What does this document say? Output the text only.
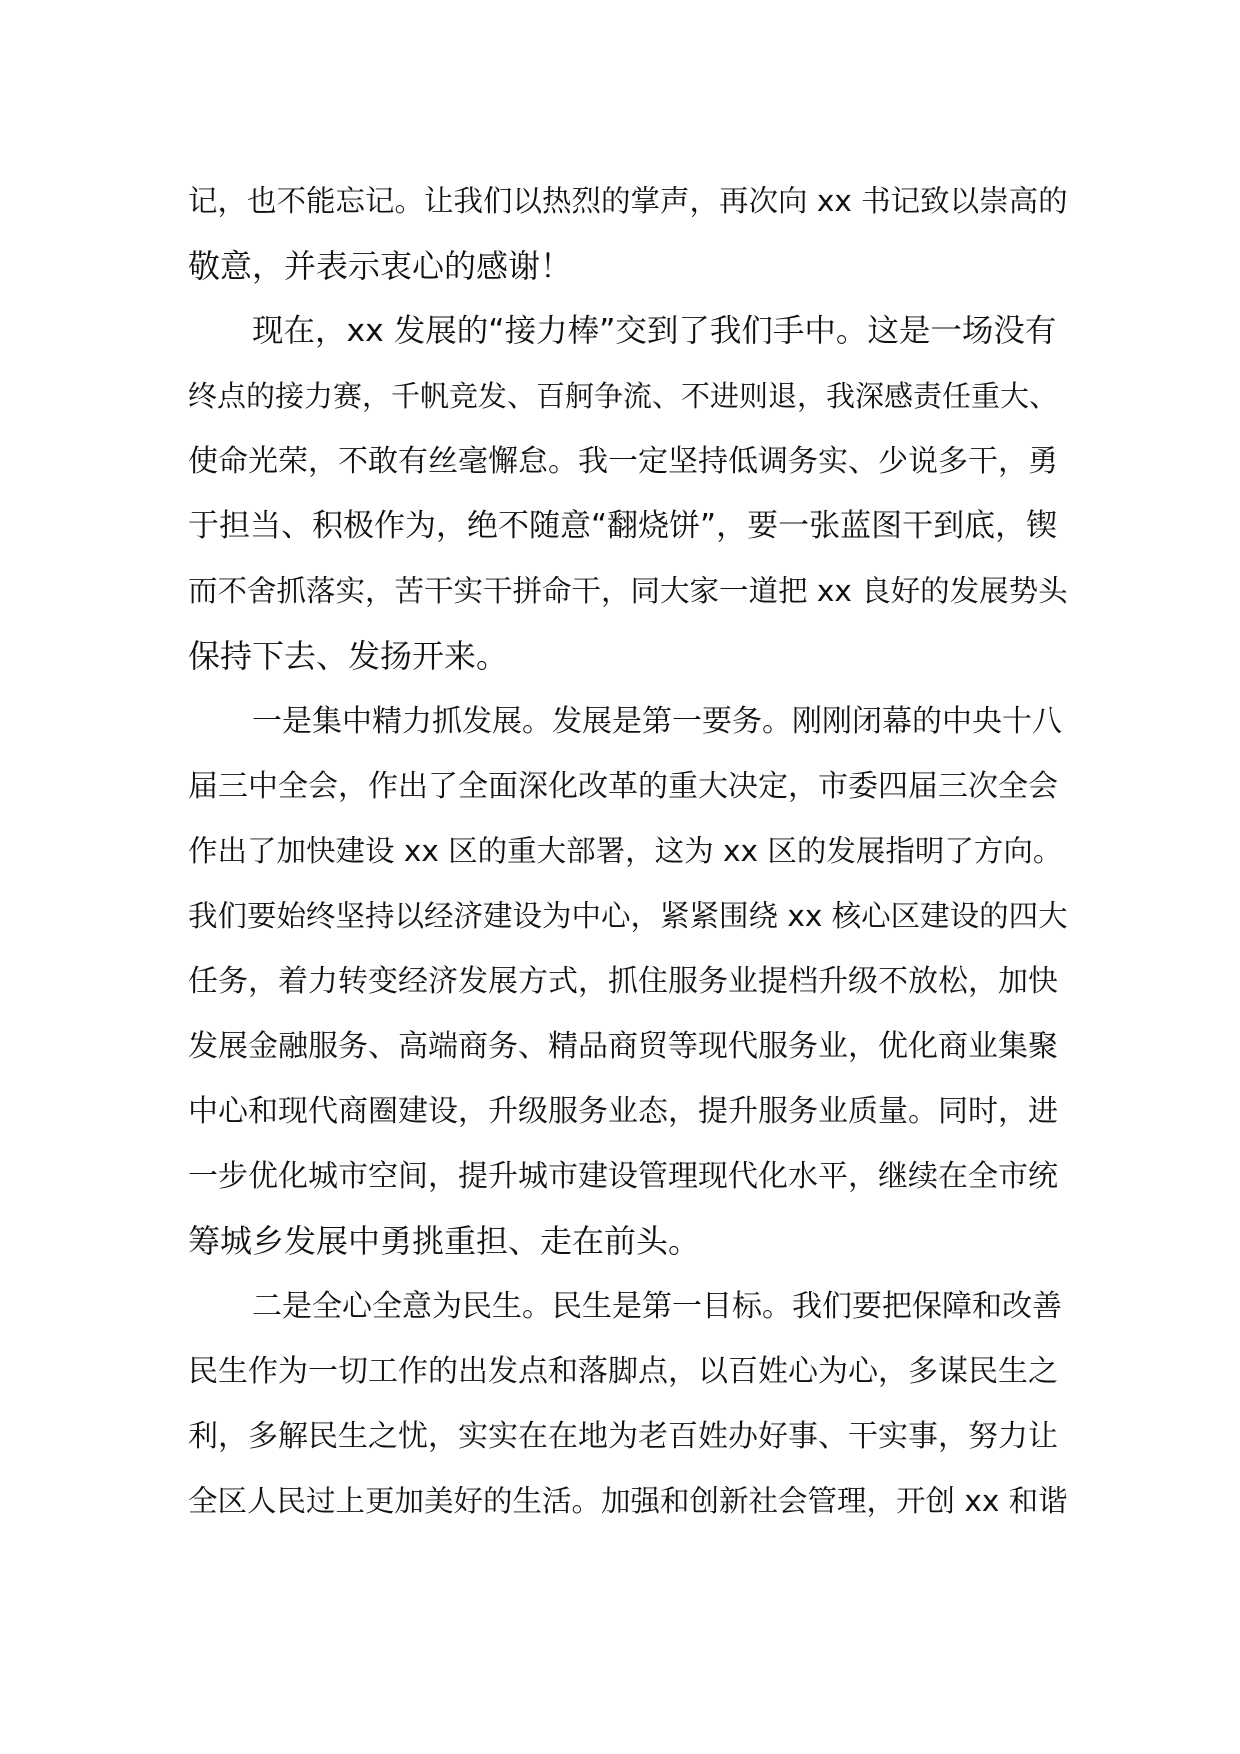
记，也不能忘记。让我们以热烈的掌声，再次向 xx 书记致以崇高的
敬意，并表示衷心的感谢！
现在，xx 发展的“接力棒”交到了我们手中。这是一场没有
终点的接力赛，千帆竞发、百舸争流、不进则退，我深感责任重大、
使命光荣，不敢有丝毫懈怠。我一定坚持低调务实、少说多干，勇
于担当、积极作为，绝不随意“翻烧饼”，要一张蓝图干到底，锲
而不舍抓落实，苦干实干拼命干，同大家一道把 xx 良好的发展势头
保持下去、发扬开来。
一是集中精力抓发展。发展是第一要务。刚刚闭幕的中央十八
届三中全会，作出了全面深化改革的重大决定，市委四届三次全会
作出了加快建设 xx 区的重大部署，这为 xx 区的发展指明了方向。
我们要始终坚持以经济建设为中心，紧紧围绕 xx 核心区建设的四大
任务，着力转变经济发展方式，抓住服务业提档升级不放松，加快
发展金融服务、高端商务、精品商贸等现代服务业，优化商业集聚
中心和现代商圈建设，升级服务业态，提升服务业质量。同时，进
一步优化城市空间，提升城市建设管理现代化水平，继续在全市统
筹城乡发展中勇挑重担、走在前头。
二是全心全意为民生。民生是第一目标。我们要把保障和改善
民生作为一切工作的出发点和落脚点，以百姓心为心，多谋民生之
利，多解民生之忧，实实在在地为老百姓办好事、干实事，努力让
全区人民过上更加美好的生活。加强和创新社会管理，开创 xx 和谐
